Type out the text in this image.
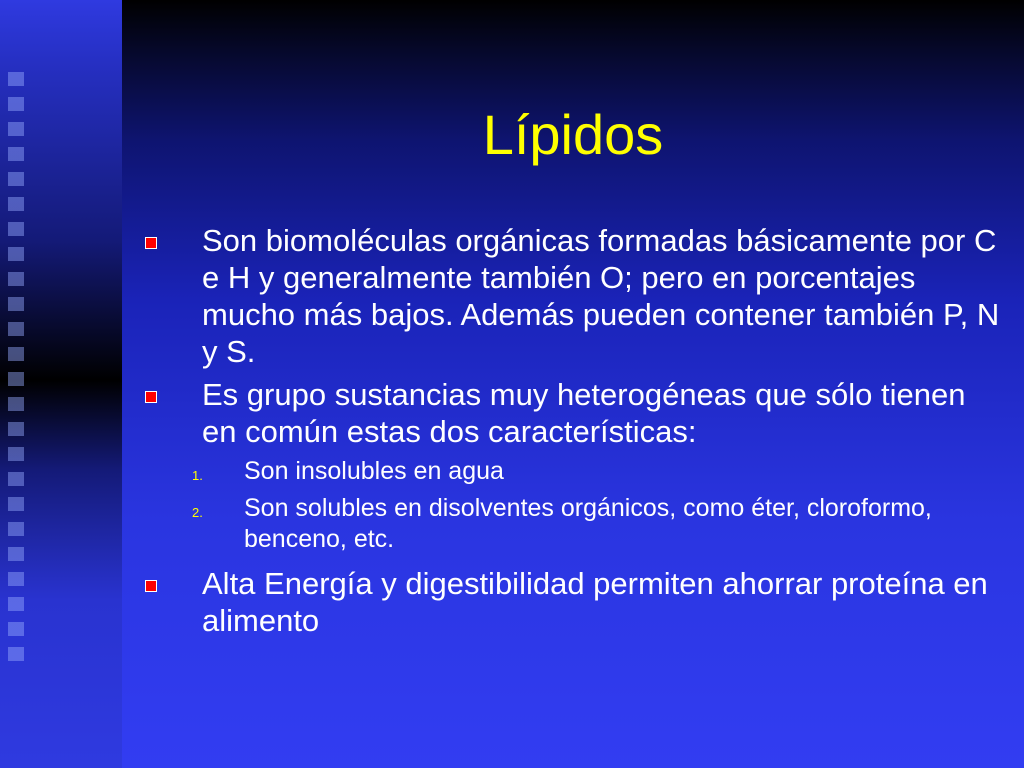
Lípidos
Son biomoléculas orgánicas formadas básicamente por C e H y generalmente también O; pero en porcentajes mucho más bajos. Además pueden contener también P, N y S.
Es grupo sustancias muy heterogéneas que sólo tienen en común estas dos características:
1. Son insolubles en agua
2. Son solubles en disolventes orgánicos, como éter, cloroformo, benceno, etc.
Alta Energía y digestibilidad permiten ahorrar proteína en alimento
